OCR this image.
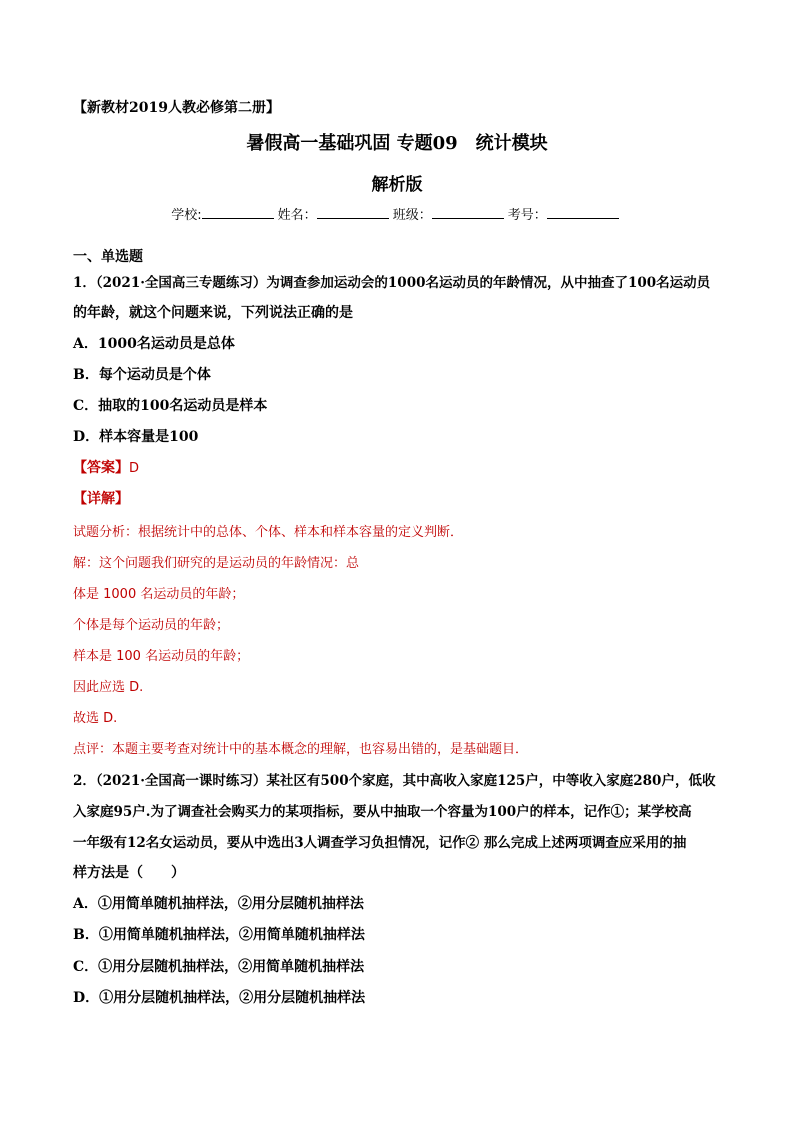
【新教材2019人教必修第二册】
暑假高一基础巩固 专题09　统计模块
解析版
学校:	姓名：	班级：	考号：
一、单选题
1．（2021·全国高三专题练习）为调查参加运动会的1000名运动员的年龄情况，从中抽查了100名运动员
的年龄，就这个问题来说，下列说法正确的是
A．1000名运动员是总体
B．每个运动员是个体
C．抽取的100名运动员是样本
D．样本容量是100
【答案】D
【详解】
试题分析：根据统计中的总体、个体、样本和样本容量的定义判断．
解：这个问题我们研究的是运动员的年龄情况：总
体是 1000 名运动员的年龄；
个体是每个运动员的年龄；
样本是 100 名运动员的年龄；
因此应选 D.
故选 D.
点评：本题主要考查对统计中的基本概念的理解，也容易出错的，是基础题目．
2．（2021·全国高一课时练习）某社区有500个家庭，其中高收入家庭125户，中等收入家庭280户，低收
入家庭95户.为了调查社会购买力的某项指标，要从中抽取一个容量为100户的样本，记作①；某学校高
一年级有12名女运动员，要从中选出3人调查学习负担情况，记作② 那么完成上述两项调查应采用的抽
样方法是（　　）
A．①用简单随机抽样法，②用分层随机抽样法
B．①用简单随机抽样法，②用简单随机抽样法
C．①用分层随机抽样法，②用简单随机抽样法
D．①用分层随机抽样法，②用分层随机抽样法
